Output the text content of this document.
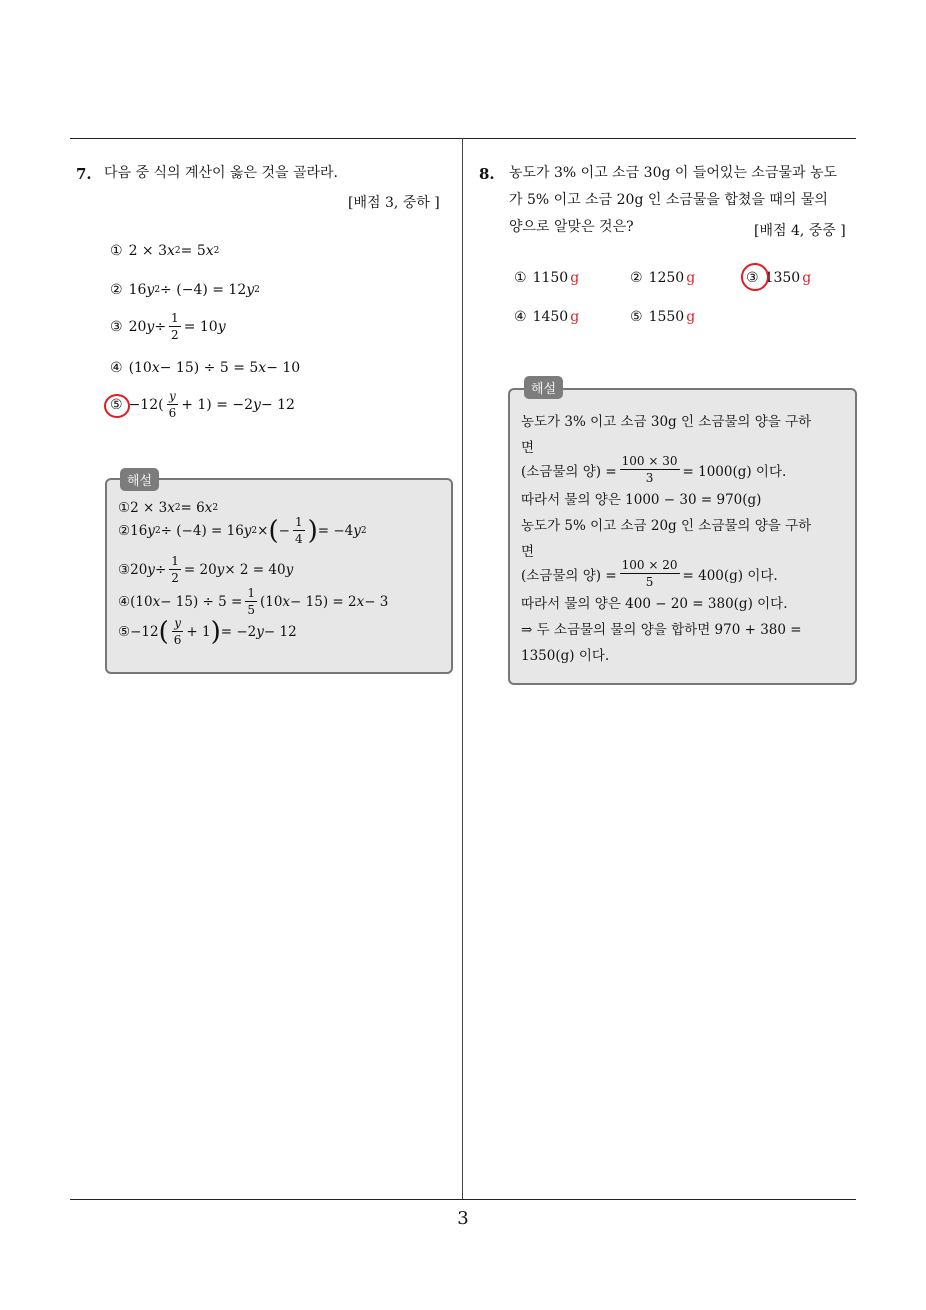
3
7. 다음 중 식의 계산이 옳은 것을 골라라.
[배점 3, 중하 ]
① 2 × 3 x 2 = 5 x 2
② 16 y 2 ÷ (−4) = 12 y 2
③ 20 $y \div \frac{1}{2} = 10$ y
④ (10 x − 15) ÷ 5 = 5 x − 10
⑤ $-12( \frac{y}{6} + 1) = -2$ y − 12
해설
① 2 × 3 x 2 = 6 x 2
② 16 y 2 ÷ (−4) = 16 y 2 × ( − $\frac{1}{4}$ ) = −4 y 2
③ 20 $y \div \frac{1}{2} = 20$ y × 2 = 40 y
④ (10 $x - 15) \div 5 = \frac{1}{5} (10$ x − 15) = 2 x − 3
⑤ −12 ( $\frac{y}{6} + 1$ ) = −2 y − 12
8. 농도가 3% 이고 소금 30g 이 들어있는 소금물과 농도
가 5% 이고 소금 20g 인 소금물을 합쳤을 때의 물의
양으로 알맞은 것은?	[배점 4, 중중 ]
① 1150 g	② 1250 g	③ 1350 g
④ 1450 g	⑤ 1550 g
해설
농도가 3% 이고 소금 30g 인 소금물의 양을 구하
면
(소금물의 양) = $\frac{100 \times 30}{3} = 1000(g)$ 이다.
따라서 물의 양은 1000 − 30 = 970(g)
농도가 5% 이고 소금 20g 인 소금물의 양을 구하
면
(소금물의 양) = $\frac{100 \times 20}{5} = 400(g)$ 이다.
따라서 물의 양은 400 − 20 = 380(g) 이다.
⇒ 두 소금물의 물의 양을 합하면 970 + 380 =
1350(g) 이다.
